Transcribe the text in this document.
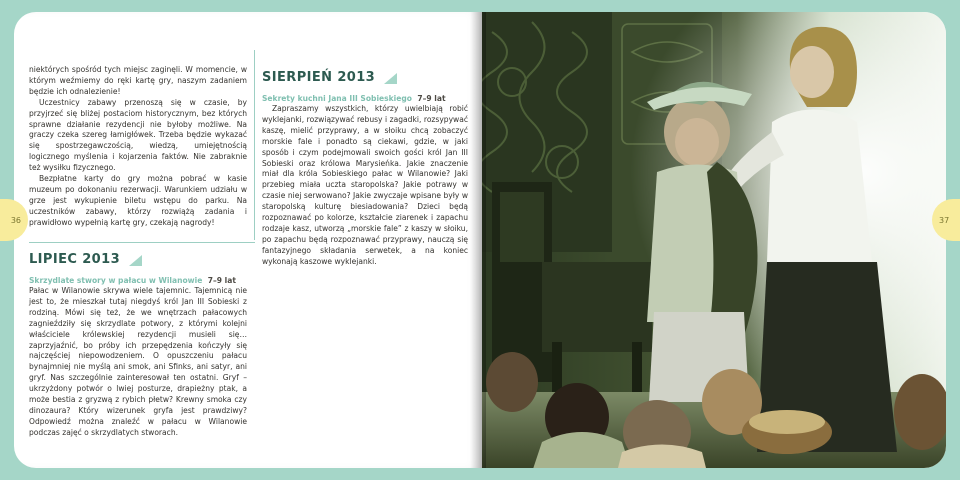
niektórych spośród tych miejsc zaginęli. W momencie, w którym weźmiemy do ręki kartę gry, naszym zadaniem będzie ich odnalezienie!

Uczestnicy zabawy przenoszą się w czasie, by przyjrzeć się bliżej postaciom historycznym, bez których sprawne działanie rezydencji nie byłoby możliwe. Na graczy czeka szereg łamigłówek. Trzeba będzie wykazać się spostrzegawczością, wiedzą, umiejętnością logicznego myślenia i kojarzenia faktów. Nie zabraknie też wysiłku fizycznego.

Bezpłatne karty do gry można pobrać w kasie muzeum po dokonaniu rezerwacji. Warunkiem udziału w grze jest wykupienie biletu wstępu do parku. Na uczestników zabawy, którzy rozwiążą zadania i prawidłowo wypełnią kartę gry, czekają nagrody!

LIPIEC 2013
Skrzydlate stwory w pałacu w Wilanowie 7–9 lat
Pałac w Wilanowie skrywa wiele tajemnic. Tajemnicą nie jest to, że mieszkał tutaj niegdyś król Jan III Sobieski z rodziną. Mówi się też, że we wnętrzach pałacowych zagnieździły się skrzydlate potwory, z którymi kolejni właściciele królewskiej rezydencji musieli się… zaprzyjaźnić, bo próby ich przepędzenia kończyły się najczęściej niepowodzeniem. O opuszczeniu pałacu bynajmniej nie myślą ani smok, ani Sfinks, ani satyr, ani gryf. Nas szczególnie zainteresował ten ostatni. Gryf – ukrzyżdony potwór o lwiej posturze, drapieżny ptak, a może bestia z gryzwą z rybich płetw? Krewny smoka czy dinozaura? Który wizerunek gryfa jest prawdziwy? Odpowiedź można znaleźć w pałacu w Wilanowie podczas zajęć o skrzydlatych stworach.
SIERPIEŃ 2013
Sekrety kuchni Jana III Sobieskiego 7–9 lat
Zapraszamy wszystkich, którzy uwielbiają robić wyklejanki, rozwiązywać rebusy i zagadki, rozsypywać kaszę, mielić przyprawy, a w słoiku chcą zobaczyć morskie fale i ponadto są ciekawi, gdzie, w jaki sposób i czym podejmowali swoich gości król Jan III Sobieski oraz królowa Marysieńka. Jakie znaczenie miał dla króla Sobieskiego pałac w Wilanowie? Jaki przebieg miała uczta staropolska? Jakie potrawy w czasie niej serwowano? Jakie zwyczaje wpisane były w staropolską kulturę biesiadowania? Dzieci będą rozpoznawać po kolorze, kształcie ziarenek i zapachu rodzaje kasz, utworzą „morskie fale” z kaszy w słoiku, po zapachu będą rozpoznawać przyprawy, nauczą się fantazyjnego składania serwetek, a na koniec wykonają kaszowe wyklejanki.
36	37
